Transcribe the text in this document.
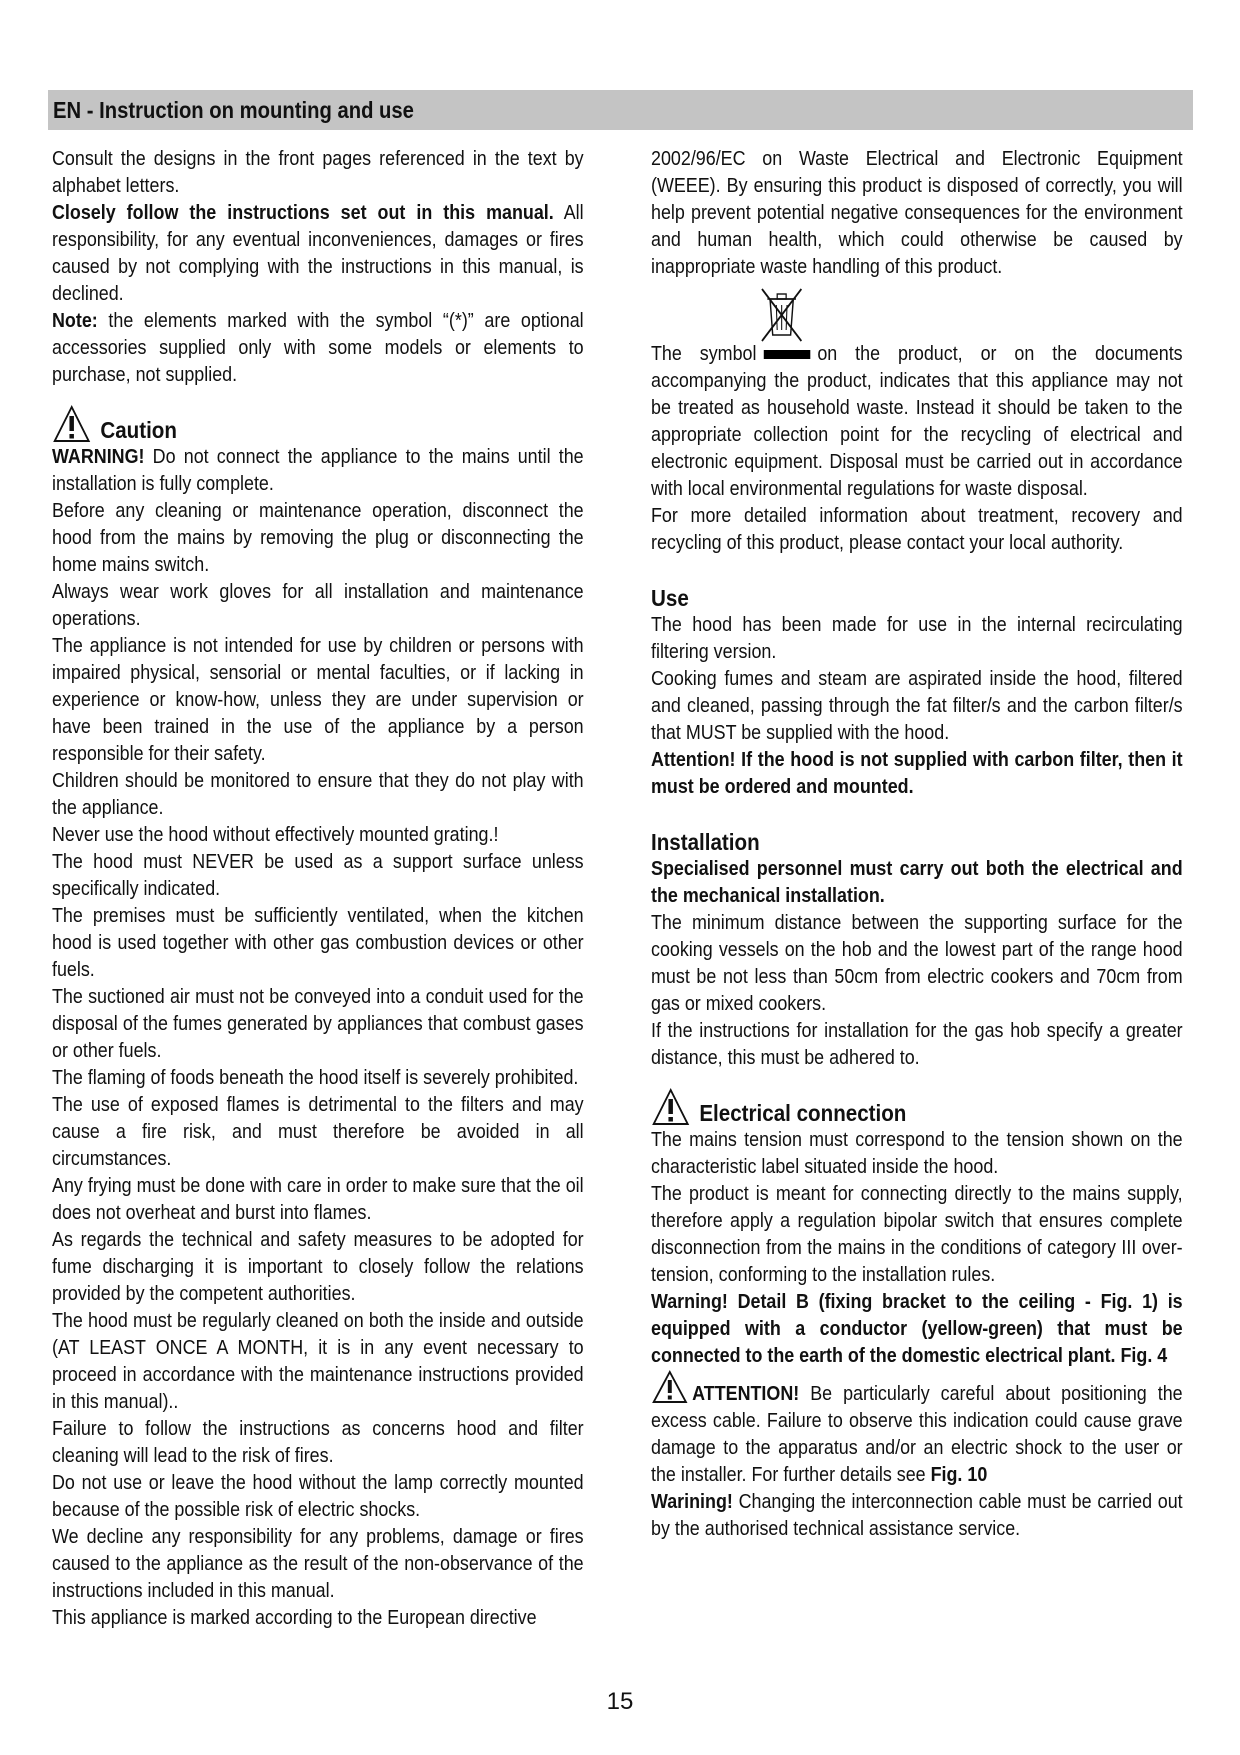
EN - Instruction on mounting and use

Consult the designs in the front pages referenced in the text by alphabet letters.

Closely follow the instructions set out in this manual. All responsibility, for any eventual inconveniences, damages or fires caused by not complying with the instructions in this manual, is declined.

Note: the elements marked with the symbol “(*)” are optional accessories supplied only with some models or elements to purchase, not supplied.

Caution

WARNING! Do not connect the appliance to the mains until the installation is fully complete.

Before any cleaning or maintenance operation, disconnect the hood from the mains by removing the plug or disconnecting the home mains switch.

Always wear work gloves for all installation and maintenance operations.

The appliance is not intended for use by children or persons with impaired physical, sensorial or mental faculties, or if lacking in experience or know-how, unless they are under supervision or have been trained in the use of the appliance by a person responsible for their safety.

Children should be monitored to ensure that they do not play with the appliance.

Never use the hood without effectively mounted grating.!

The hood must NEVER be used as a support surface unless specifically indicated.

The premises must be sufficiently ventilated, when the kitchen hood is used together with other gas combustion devices or other fuels.

The suctioned air must not be conveyed into a conduit used for the disposal of the fumes generated by appliances that combust gases or other fuels.

The flaming of foods beneath the hood itself is severely prohibited.

The use of exposed flames is detrimental to the filters and may cause a fire risk, and must therefore be avoided in all circumstances.

Any frying must be done with care in order to make sure that the oil does not overheat and burst into flames.

As regards the technical and safety measures to be adopted for fume discharging it is important to closely follow the relations provided by the competent authorities.

The hood must be regularly cleaned on both the inside and outside (AT LEAST ONCE A MONTH, it is in any event necessary to proceed in accordance with the maintenance instructions provided in this manual)..

Failure to follow the instructions as concerns hood and filter cleaning will lead to the risk of fires.

Do not use or leave the hood without the lamp correctly mounted because of the possible risk of electric shocks.

We decline any responsibility for any problems, damage or fires caused to the appliance as the result of the non-observance of the instructions included in this manual.

This appliance is marked according to the European directive

2002/96/EC on Waste Electrical and Electronic Equipment (WEEE). By ensuring this product is disposed of correctly, you will help prevent potential negative consequences for the environment and human health, which could otherwise be caused by inappropriate waste handling of this product.

The symbol	on the product, or on the documents accompanying the product, indicates that this appliance may not be treated as household waste. Instead it should be taken to the appropriate collection point for the recycling of electrical and electronic equipment. Disposal must be carried out in accordance with local environmental regulations for waste disposal.

For more detailed information about treatment, recovery and recycling of this product, please contact your local authority.

Use

The hood has been made for use in the internal recirculating filtering version.

Cooking fumes and steam are aspirated inside the hood, filtered and cleaned, passing through the fat filter/s and the carbon filter/s that MUST be supplied with the hood.

Attention! If the hood is not supplied with carbon filter, then it must be ordered and mounted.

Installation

Specialised personnel must carry out both the electrical and the mechanical installation.

The minimum distance between the supporting surface for the cooking vessels on the hob and the lowest part of the range hood must be not less than 50cm from electric cookers and 70cm from gas or mixed cookers.

If the instructions for installation for the gas hob specify a greater distance, this must be adhered to.

Electrical connection

The mains tension must correspond to the tension shown on the characteristic label situated inside the hood.

The product is meant for connecting directly to the mains supply, therefore apply a regulation bipolar switch that ensures complete disconnection from the mains in the conditions of category III over-tension, conforming to the installation rules.

Warning! Detail B (fixing bracket to the ceiling - Fig. 1) is equipped with a conductor (yellow-green) that must be connected to the earth of the domestic electrical plant. Fig. 4

ATTENTION! Be particularly careful about positioning the excess cable. Failure to observe this indication could cause grave damage to the apparatus and/or an electric shock to the user or the installer. For further details see Fig. 10

Warining! Changing the interconnection cable must be carried out by the authorised technical assistance service.

15
